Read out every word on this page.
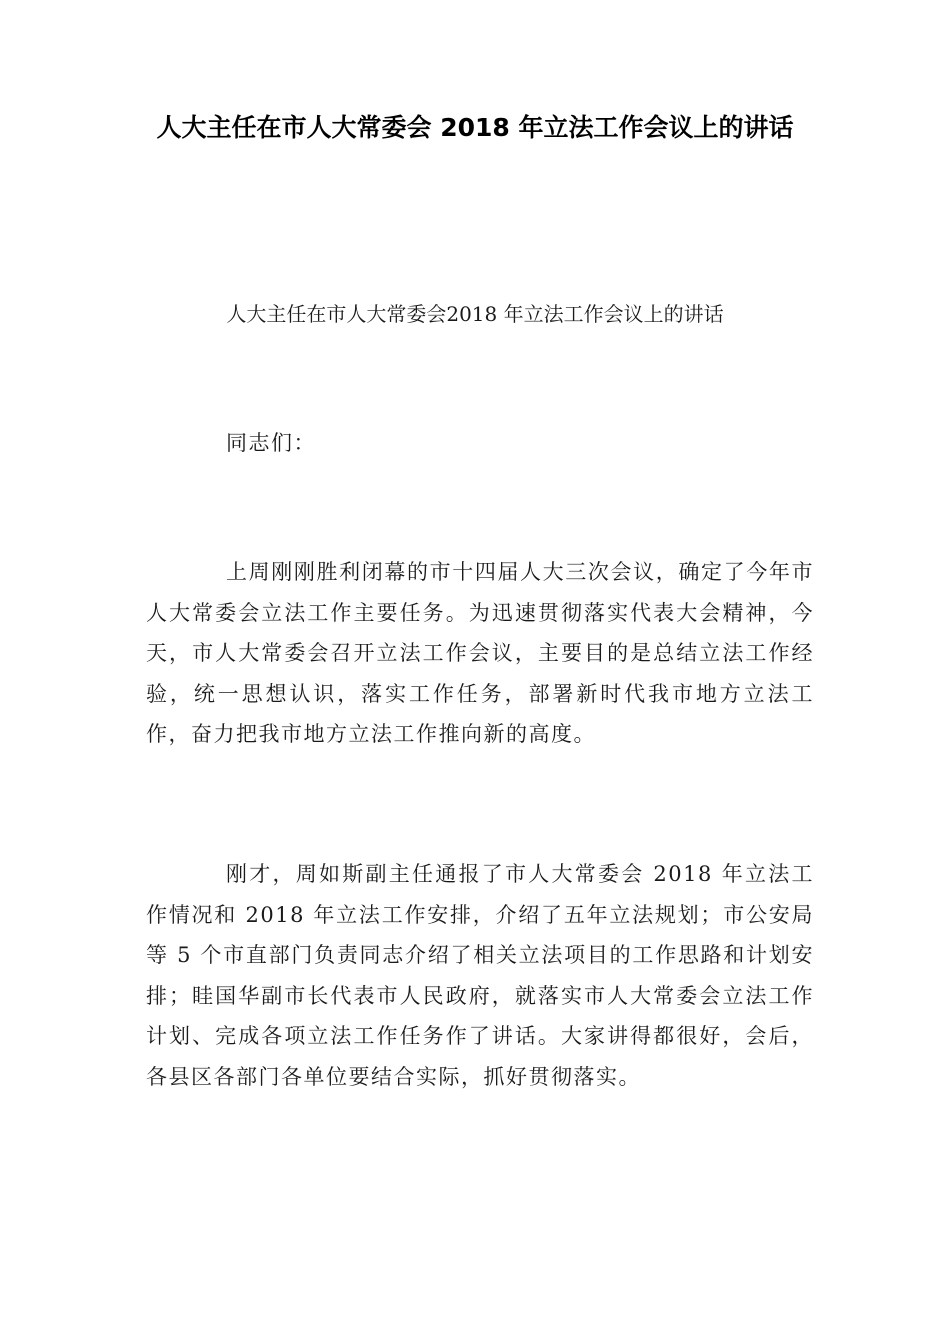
人大主任在市人大常委会 2018 年立法工作会议上的讲话

人大主任在市人大常委会2018 年立法工作会议上的讲话

同志们：

上周刚刚胜利闭幕的市十四届人大三次会议，确定了今年市人大常委会立法工作主要任务。为迅速贯彻落实代表大会精神，今天，市人大常委会召开立法工作会议，主要目的是总结立法工作经验，统一思想认识，落实工作任务，部署新时代我市地方立法工作，奋力把我市地方立法工作推向新的高度。

刚才，周如斯副主任通报了市人大常委会 2018 年立法工作情况和 2018 年立法工作安排，介绍了五年立法规划；市公安局等 5 个市直部门负责同志介绍了相关立法项目的工作思路和计划安排；眭国华副市长代表市人民政府，就落实市人大常委会立法工作计划、完成各项立法工作任务作了讲话。大家讲得都很好，会后，各县区各部门各单位要结合实际，抓好贯彻落实。
